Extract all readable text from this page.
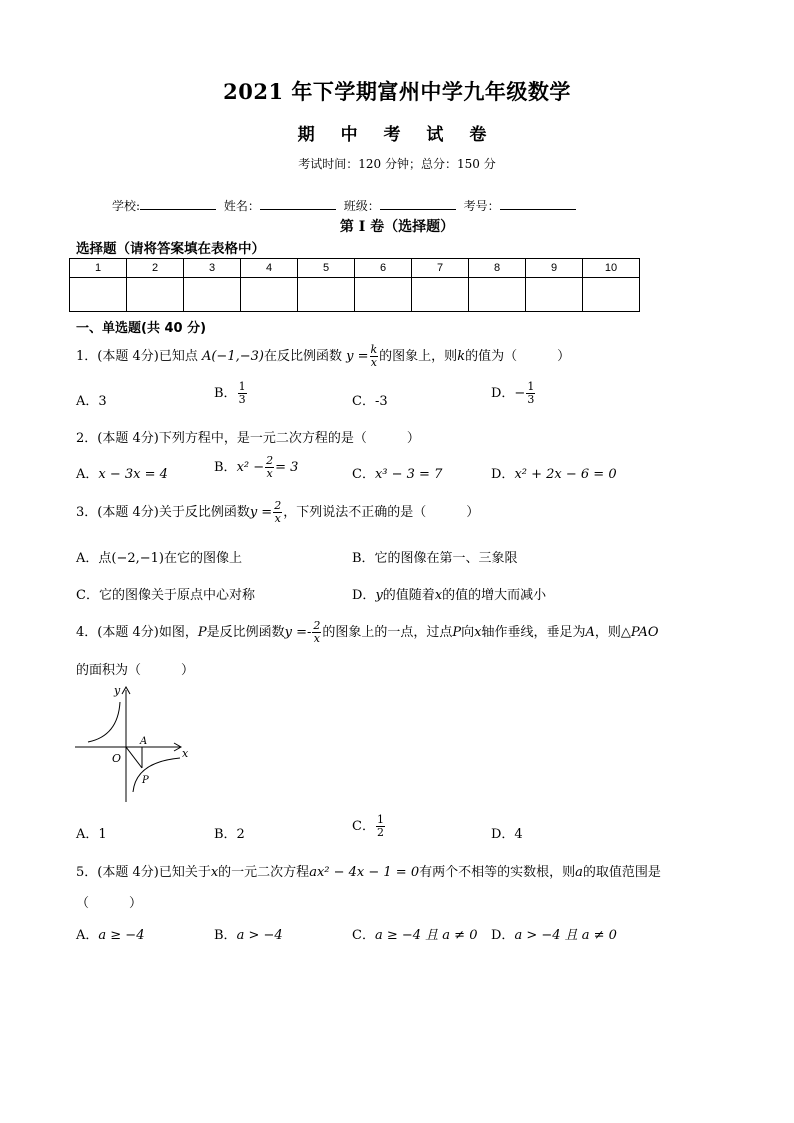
2021 年下学期富州中学九年级数学
期 中 考 试 卷
考试时间：120 分钟；总分：150 分
学校:	姓名：	班级：	考号：
第 I 卷（选择题）
选择题（请将答案填在表格中）
1	2	3	4	5	6	7	8	9	10

一、单选题(共 40 分)
1．(本题 4分)已知点 A(−1,−3)在反比例函数 $y = \frac{k}{x}$ 的图象上，则k的值为（	）
A．3
B． $\frac{1}{3}$	C．-3
D．− $\frac{1}{3}$
2．(本题 4分)下列方程中，是一元二次方程的是（	）
A．x − 3x = 4	B．$x^2 - \frac{2}{x} = 3$	C．x³ − 3 = 7	D．x² + 2x − 6 = 0
3．(本题 4分)关于反比例函数$y = \frac{2}{x}$ ，下列说法不正确的是（	）
A．点(−2,−1)在它的图像上	B．它的图像在第一、三象限
C．它的图像关于原点中心对称	D．y的值随着x的值的增大而减小
4．(本题 4分)如图，P是反比例函数$y =- \frac{2}{x}$ 的图象上的一点，过点P向x轴作垂线，垂足为A，则△PAO
的面积为（	）
y
x
O
A
P
A．1	B．2
C． $\frac{1}{2}$	D．4
5．(本题 4分)已知关于x的一元二次方程ax² − 4x − 1 = 0有两个不相等的实数根，则a的取值范围是
（	）
A．a ≥ −4	B．a > −4	C．a ≥ −4 且 a ≠ 0 D．a > −4 且 a ≠ 0
